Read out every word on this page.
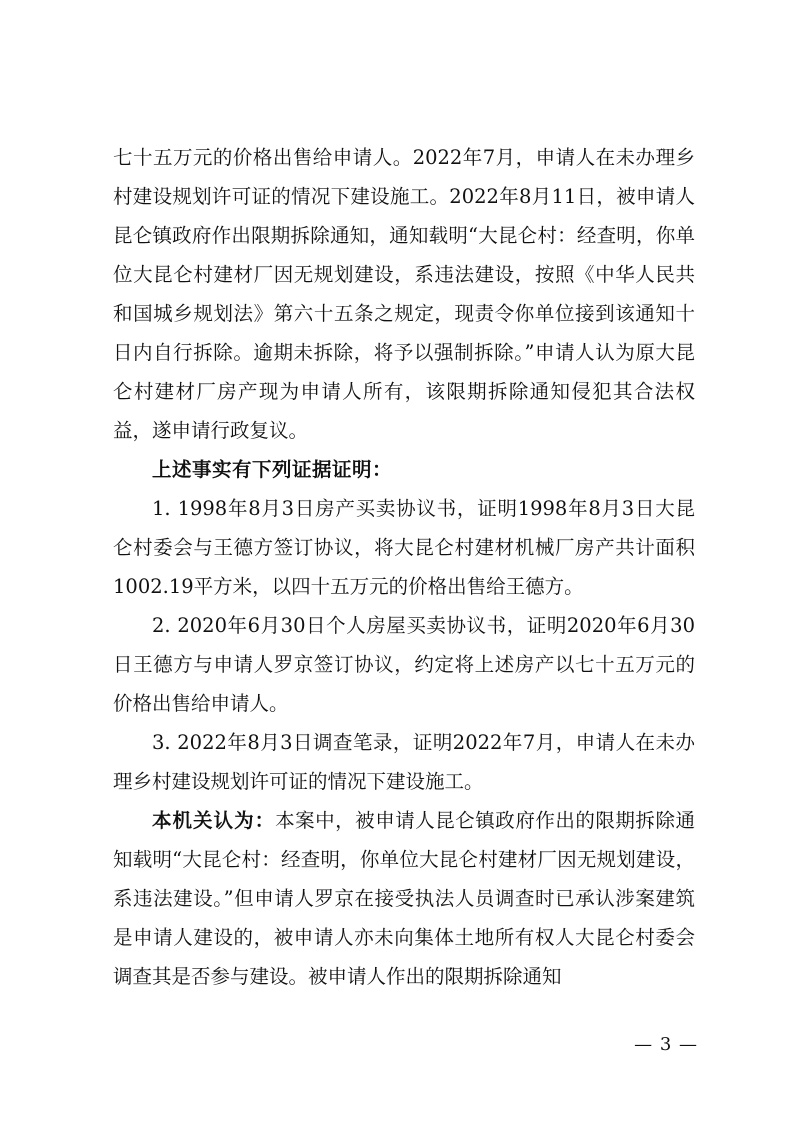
七十五万元的价格出售给申请人。2022年7月，申请人在未办理乡村建设规划许可证的情况下建设施工。2022年8月11日，被申请人昆仑镇政府作出限期拆除通知，通知载明“大昆仑村：经查明，你单位大昆仑村建材厂因无规划建设，系违法建设，按照《中华人民共和国城乡规划法》第六十五条之规定，现责令你单位接到该通知十日内自行拆除。逾期未拆除，将予以强制拆除。”申请人认为原大昆仑村建材厂房产现为申请人所有，该限期拆除通知侵犯其合法权益，遂申请行政复议。

上述事实有下列证据证明：

1. 1998年8月3日房产买卖协议书，证明1998年8月3日大昆仑村委会与王德方签订协议，将大昆仑村建材机械厂房产共计面积1002.19平方米，以四十五万元的价格出售给王德方。

2. 2020年6月30日个人房屋买卖协议书，证明2020年6月30日王德方与申请人罗京签订协议，约定将上述房产以七十五万元的价格出售给申请人。

3. 2022年8月3日调查笔录，证明2022年7月，申请人在未办理乡村建设规划许可证的情况下建设施工。

本机关认为：本案中，被申请人昆仑镇政府作出的限期拆除通知载明“大昆仑村：经查明，你单位大昆仑村建材厂因无规划建设，系违法建设。”但申请人罗京在接受执法人员调查时已承认涉案建筑是申请人建设的，被申请人亦未向集体土地所有权人大昆仑村委会调查其是否参与建设。被申请人作出的限期拆除通知

— 3 —
